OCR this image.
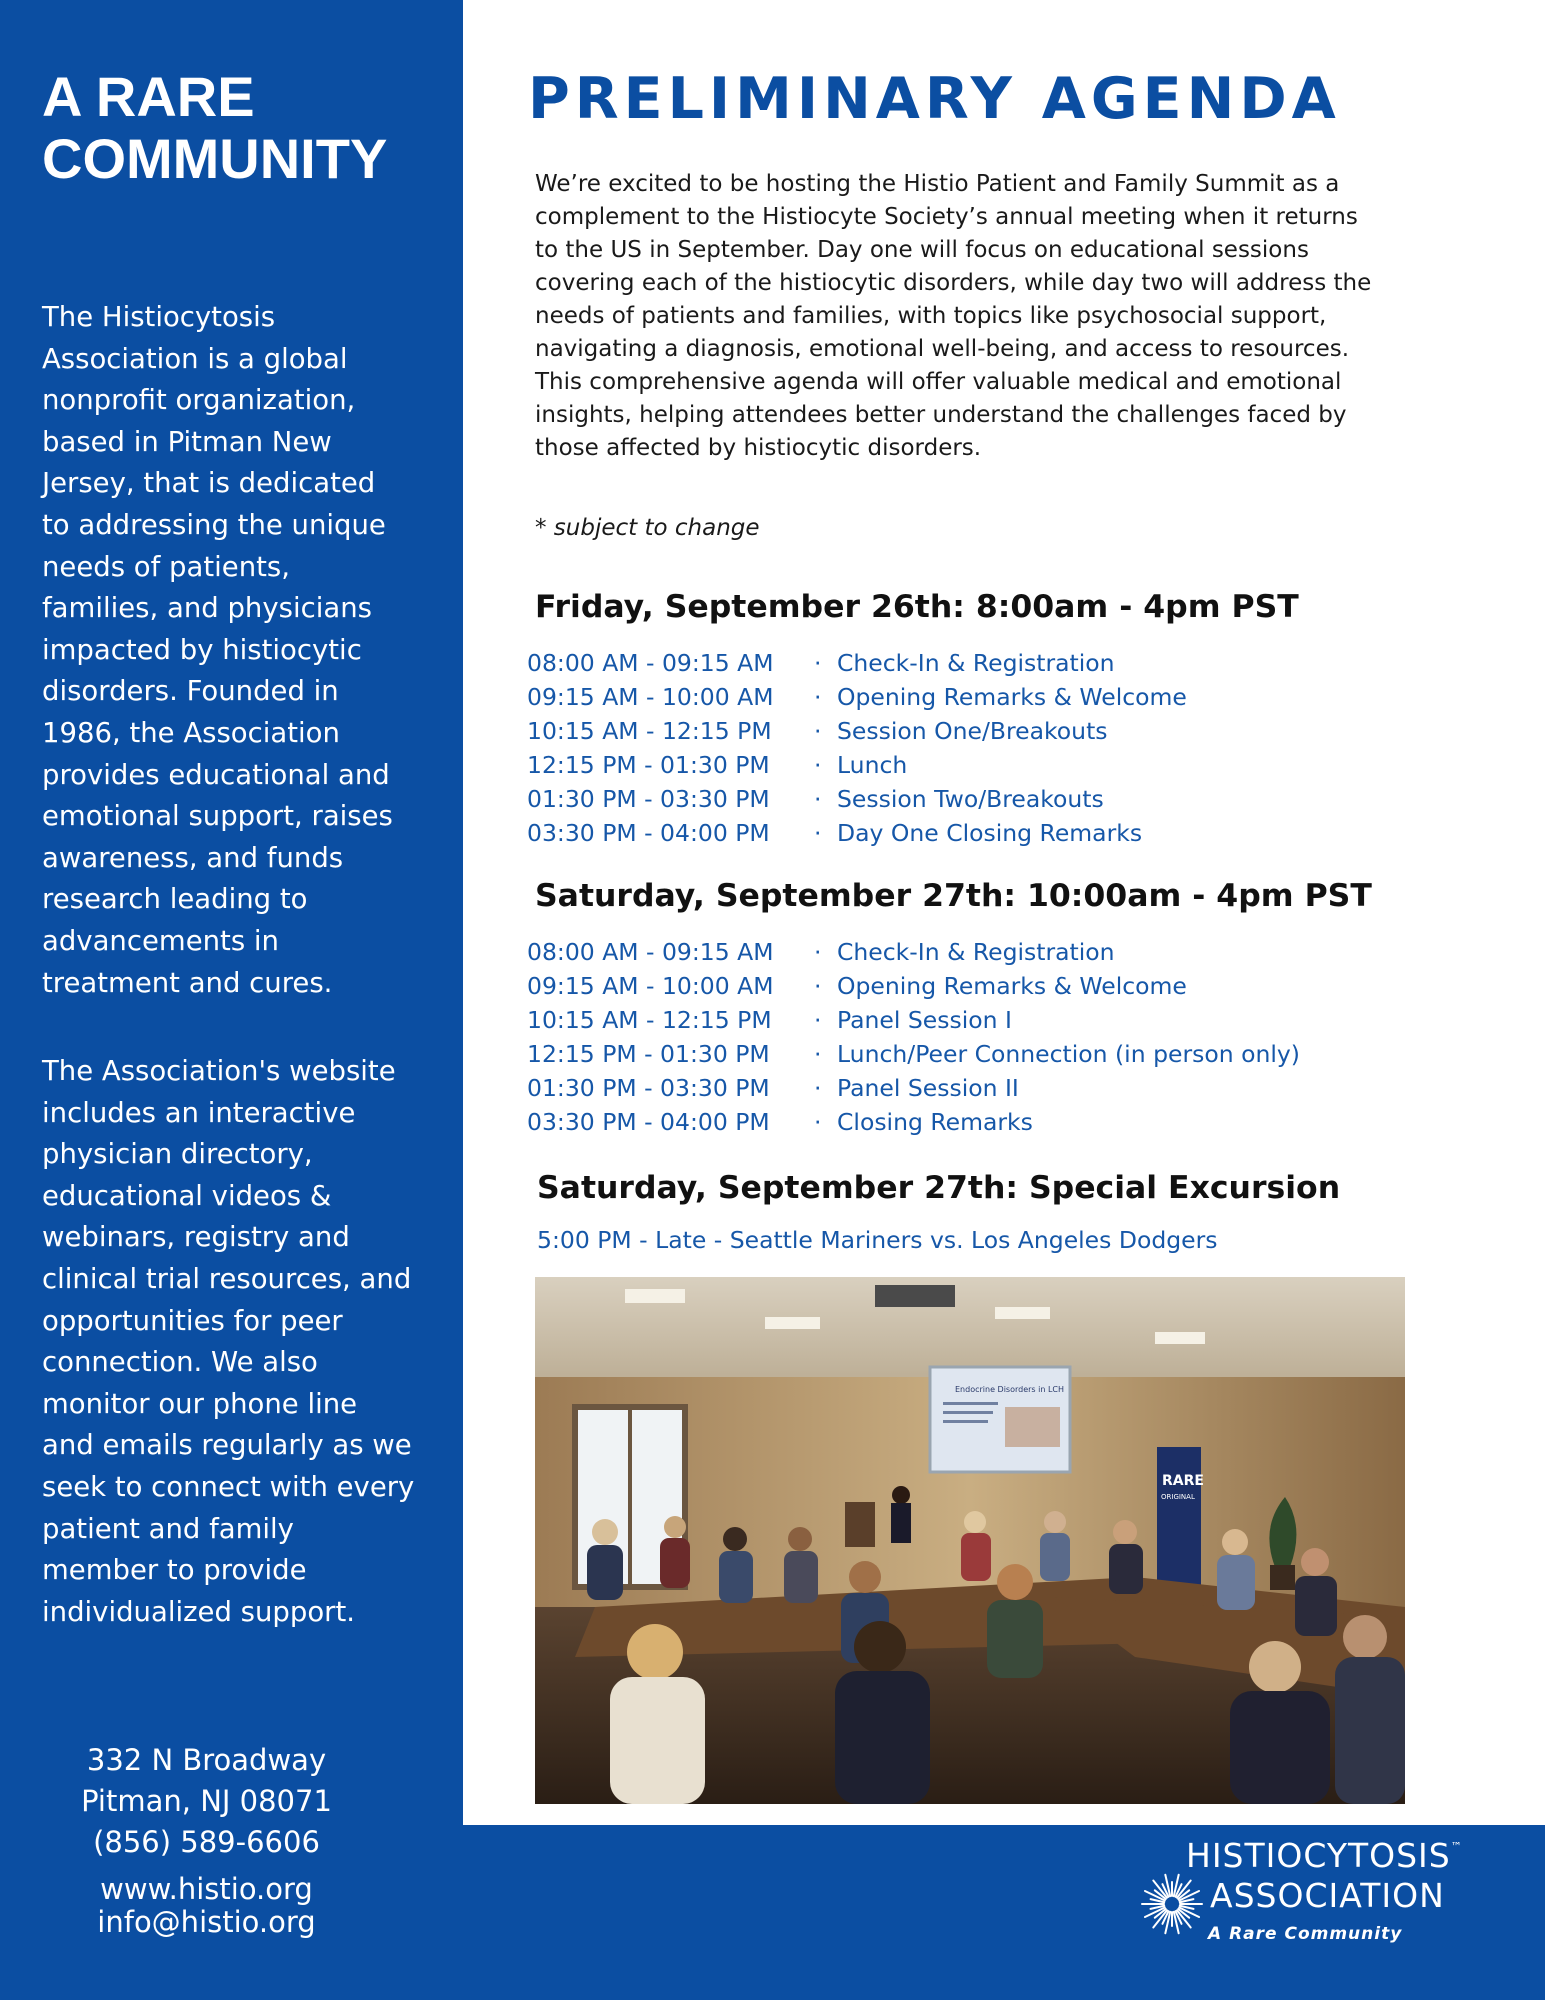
A RARE
COMMUNITY

The Histiocytosis
Association is a global
nonprofit organization,
based in Pitman New
Jersey, that is dedicated
to addressing the unique
needs of patients,
families, and physicians
impacted by histiocytic
disorders. Founded in
1986, the Association
provides educational and
emotional support, raises
awareness, and funds
research leading to
advancements in
treatment and cures.

The Association's website
includes an interactive
physician directory,
educational videos &
webinars, registry and
clinical trial resources, and
opportunities for peer
connection. We also
monitor our phone line
and emails regularly as we
seek to connect with every
patient and family
member to provide
individualized support.

332 N Broadway
Pitman, NJ 08071
(856) 589-6606
www.histio.org
info@histio.org
PRELIMINARY AGENDA

We’re excited to be hosting the Histio Patient and Family Summit as a
complement to the Histiocyte Society’s annual meeting when it returns
to the US in September. Day one will focus on educational sessions
covering each of the histiocytic disorders, while day two will address the
needs of patients and families, with topics like psychosocial support,
navigating a diagnosis, emotional well-being, and access to resources.
This comprehensive agenda will offer valuable medical and emotional
insights, helping attendees better understand the challenges faced by
those affected by histiocytic disorders.

* subject to change

Friday, September 26th: 8:00am - 4pm PST
08:00 AM - 09:15 AM · Check-In & Registration
09:15 AM - 10:00 AM · Opening Remarks & Welcome
10:15 AM - 12:15 PM · Session One/Breakouts
12:15 PM - 01:30 PM · Lunch
01:30 PM - 03:30 PM · Session Two/Breakouts
03:30 PM - 04:00 PM · Day One Closing Remarks
Saturday, September 27th: 10:00am - 4pm PST
08:00 AM - 09:15 AM · Check-In & Registration
09:15 AM - 10:00 AM · Opening Remarks & Welcome
10:15 AM - 12:15 PM · Panel Session I
12:15 PM - 01:30 PM · Lunch/Peer Connection (in person only)
01:30 PM - 03:30 PM · Panel Session II
03:30 PM - 04:00 PM · Closing Remarks
Saturday, September 27th: Special Excursion
5:00 PM - Late - Seattle Mariners vs. Los Angeles Dodgers
Endocrine Disorders in LCH
RARE
ORIGINAL
HISTIOCYTOSIS™
ASSOCIATION
A Rare Community
